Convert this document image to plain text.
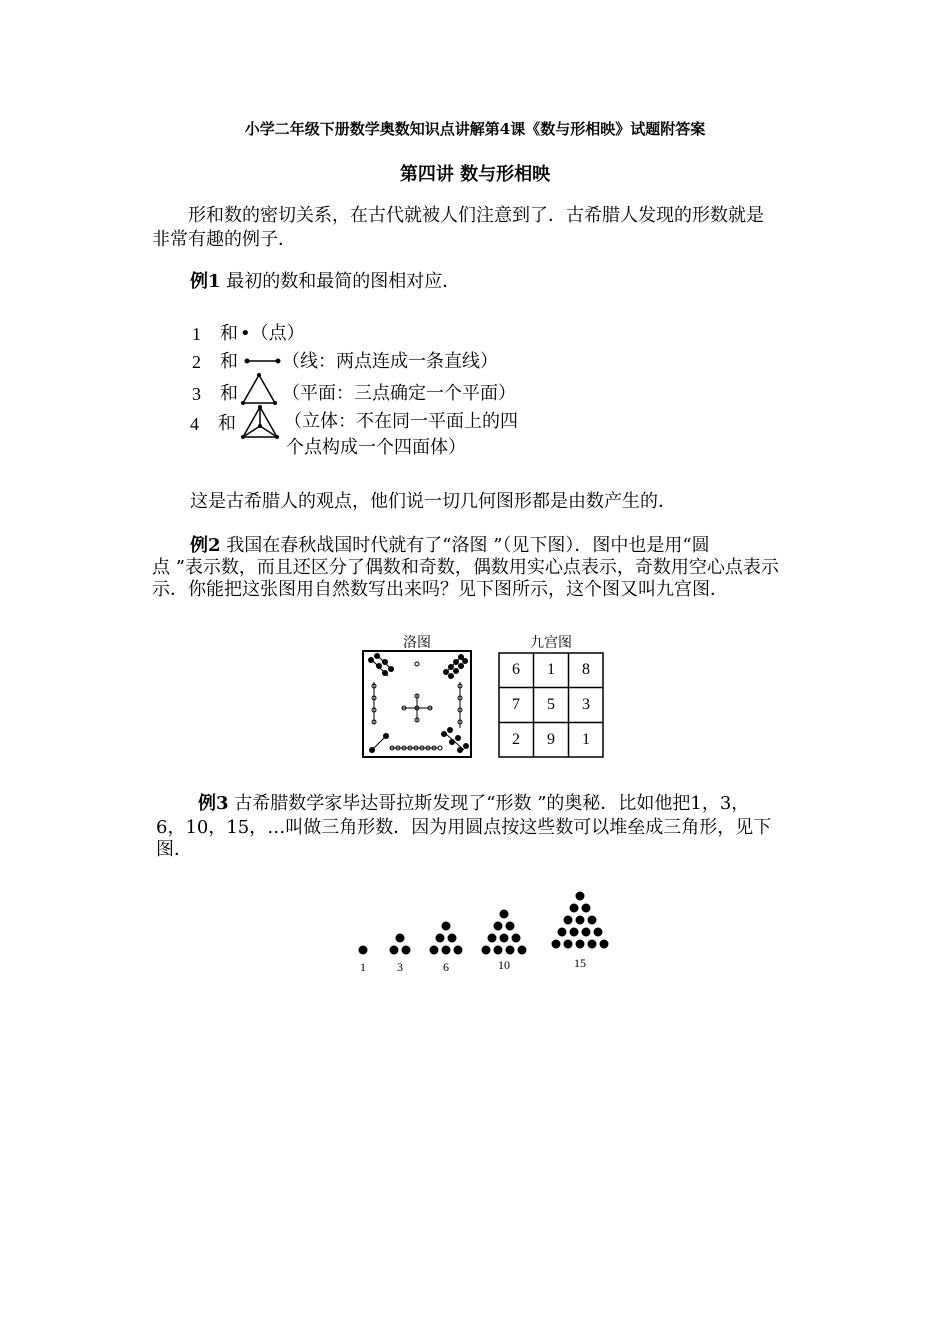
小学二年级下册数学奥数知识点讲解第4课《数与形相映》试题附答案
第四讲 数与形相映
形和数的密切关系，在古代就被人们注意到了．古希腊人发现的形数就是
非常有趣的例子．
例1 最初的数和最简的图相对应．
1 和 •（点）
2 和 （线：两点连成一条直线）
3 和 （平面：三点确定一个平面）
4 和	（立体：不在同一平面上的四
个点构成一个四面体）
这是古希腊人的观点，他们说一切几何图形都是由数产生的．
例2 我国在春秋战国时代就有了“洛图 ”（见下图）．图中也是用“圆
点 ”表示数，而且还区分了偶数和奇数，偶数用实心点表示，奇数用空心点表示
示．你能把这张图用自然数写出来吗？见下图所示，这个图又叫九宫图．
洛图	九宫图
6	1	8
7	5	3
2	9	1
例3 古希腊数学家毕达哥拉斯发现了“形数 ”的奥秘．比如他把1，3，
6，10，15，…叫做三角形数．因为用圆点按这些数可以堆垒成三角形，见下
图．
1	3	6	10	15
